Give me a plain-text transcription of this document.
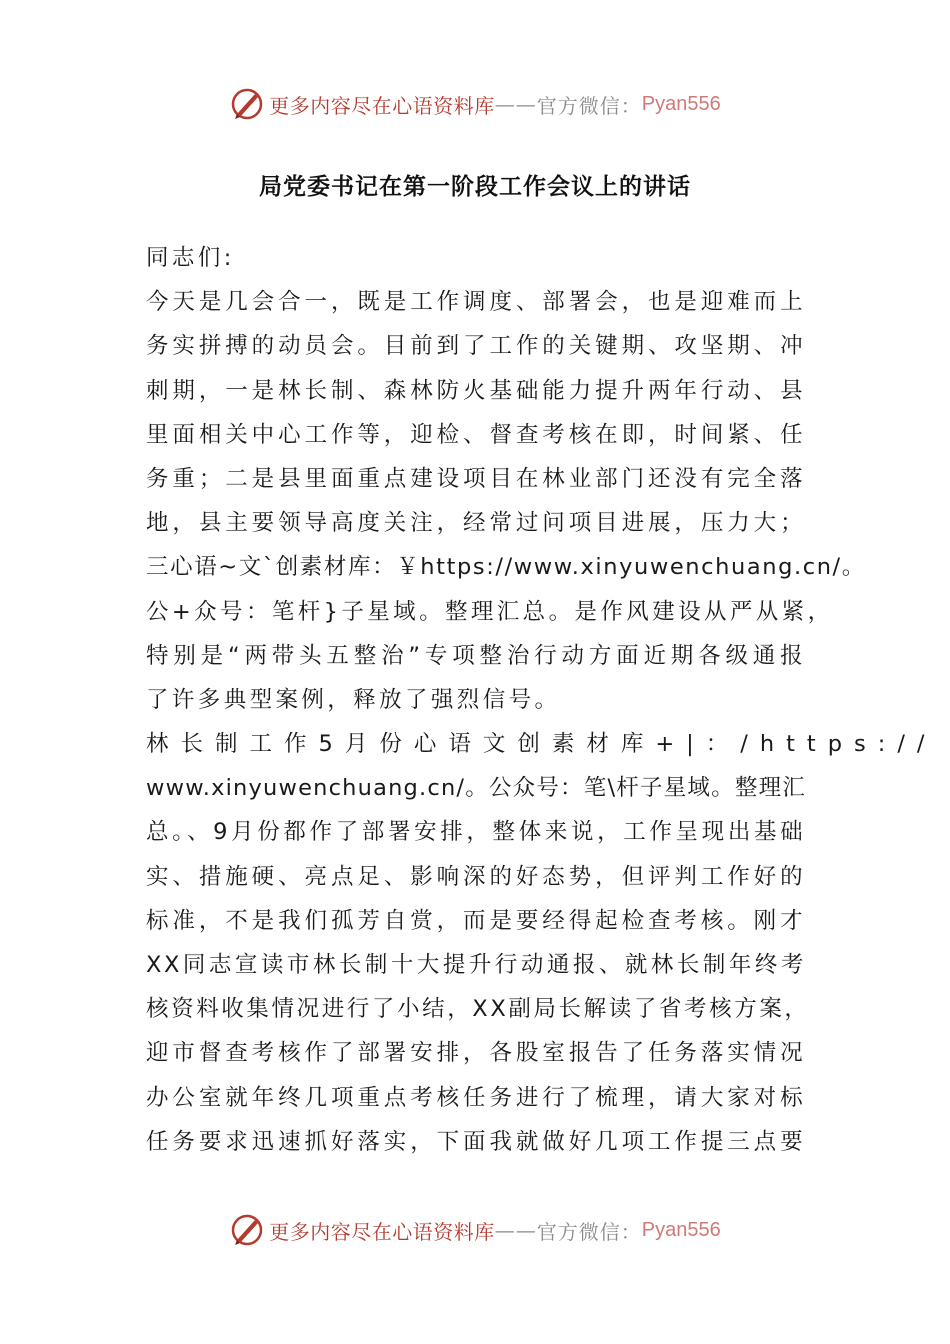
更多内容尽在心语资料库 —— 官方微信： Pyan556
局党委书记在第一阶段工作会议上的讲话
同志们:
今天是几会合一，既是工作调度、部署会，也是迎难而上
务实拼搏的动员会。目前到了工作的关键期、攻坚期、冲
刺期，一是林长制、森林防火基础能力提升两年行动、县
里面相关中心工作等，迎检、督查考核在即，时间紧、任
务重；二是县里面重点建设项目在林业部门还没有完全落
地，县主要领导高度关注，经常过问项目进展，压力大；
三心语~文`创素材库：￥https://www.xinyuwenchuang.cn/。
公+众号：笔杆}子星域。整理汇总。是作风建设从严从紧，
特别是“两带头五整治”专项整治行动方面近期各级通报
了许多典型案例，释放了强烈信号。
林长制工作5月份心语文创素材库+|：/https://
www.xinyuwenchuang.cn/。公众号：笔\杆子星域。整理汇
总。、9月份都作了部署安排，整体来说，工作呈现出基础
实、措施硬、亮点足、影响深的好态势，但评判工作好的
标准，不是我们孤芳自赏，而是要经得起检查考核。刚才
XX同志宣读市林长制十大提升行动通报、就林长制年终考
核资料收集情况进行了小结，XX副局长解读了省考核方案，
迎市督查考核作了部署安排，各股室报告了任务落实情况
办公室就年终几项重点考核任务进行了梳理，请大家对标
任务要求迅速抓好落实，下面我就做好几项工作提三点要
更多内容尽在心语资料库 —— 官方微信： Pyan556
